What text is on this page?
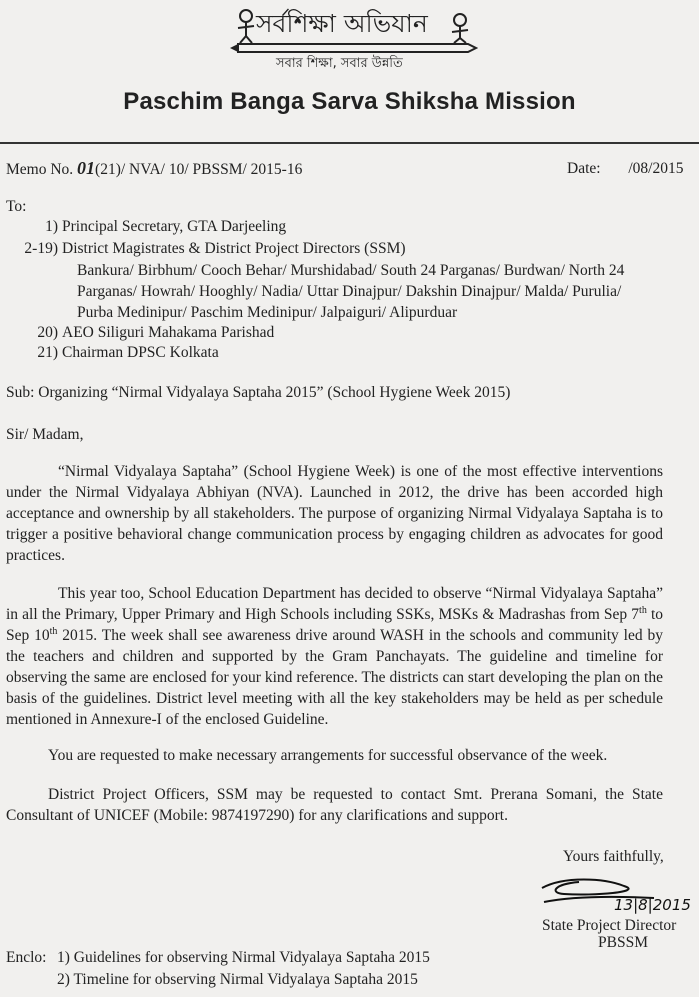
সর্বশিক্ষা অভিযান
সবার শিক্ষা, সবার উন্নতি
Paschim Banga Sarva Shiksha Mission
Memo No. 01(21)/ NVA/ 10/ PBSSM/ 2015-16	Date: /08/2015
To:
1) Principal Secretary, GTA Darjeeling
2-19) District Magistrates & District Project Directors (SSM)
Bankura/ Birbhum/ Cooch Behar/ Murshidabad/ South 24 Parganas/ Burdwan/ North 24
Parganas/ Howrah/ Hooghly/ Nadia/ Uttar Dinajpur/ Dakshin Dinajpur/ Malda/ Purulia/
Purba Medinipur/ Paschim Medinipur/ Jalpaiguri/ Alipurduar
20) AEO Siliguri Mahakama Parishad
21) Chairman DPSC Kolkata
Sub: Organizing “Nirmal Vidyalaya Saptaha 2015” (School Hygiene Week 2015)
Sir/ Madam,
“Nirmal Vidyalaya Saptaha” (School Hygiene Week) is one of the most effective interventions under the Nirmal Vidyalaya Abhiyan (NVA). Launched in 2012, the drive has been accorded high acceptance and ownership by all stakeholders. The purpose of organizing Nirmal Vidyalaya Saptaha is to trigger a positive behavioral change communication process by engaging children as advocates for good practices.
This year too, School Education Department has decided to observe “Nirmal Vidyalaya Saptaha” in all the Primary, Upper Primary and High Schools including SSKs, MSKs & Madrashas from Sep 7th to Sep 10th 2015. The week shall see awareness drive around WASH in the schools and community led by the teachers and children and supported by the Gram Panchayats. The guideline and timeline for observing the same are enclosed for your kind reference. The districts can start developing the plan on the basis of the guidelines. District level meeting with all the key stakeholders may be held as per schedule mentioned in Annexure-I of the enclosed Guideline.
You are requested to make necessary arrangements for successful observance of the week.
District Project Officers, SSM may be requested to contact Smt. Prerana Somani, the State Consultant of UNICEF (Mobile: 9874197290) for any clarifications and support.
Yours faithfully,
13|8|2015
State Project Director
PBSSM
Enclo: 1) Guidelines for observing Nirmal Vidyalaya Saptaha 2015
2) Timeline for observing Nirmal Vidyalaya Saptaha 2015
